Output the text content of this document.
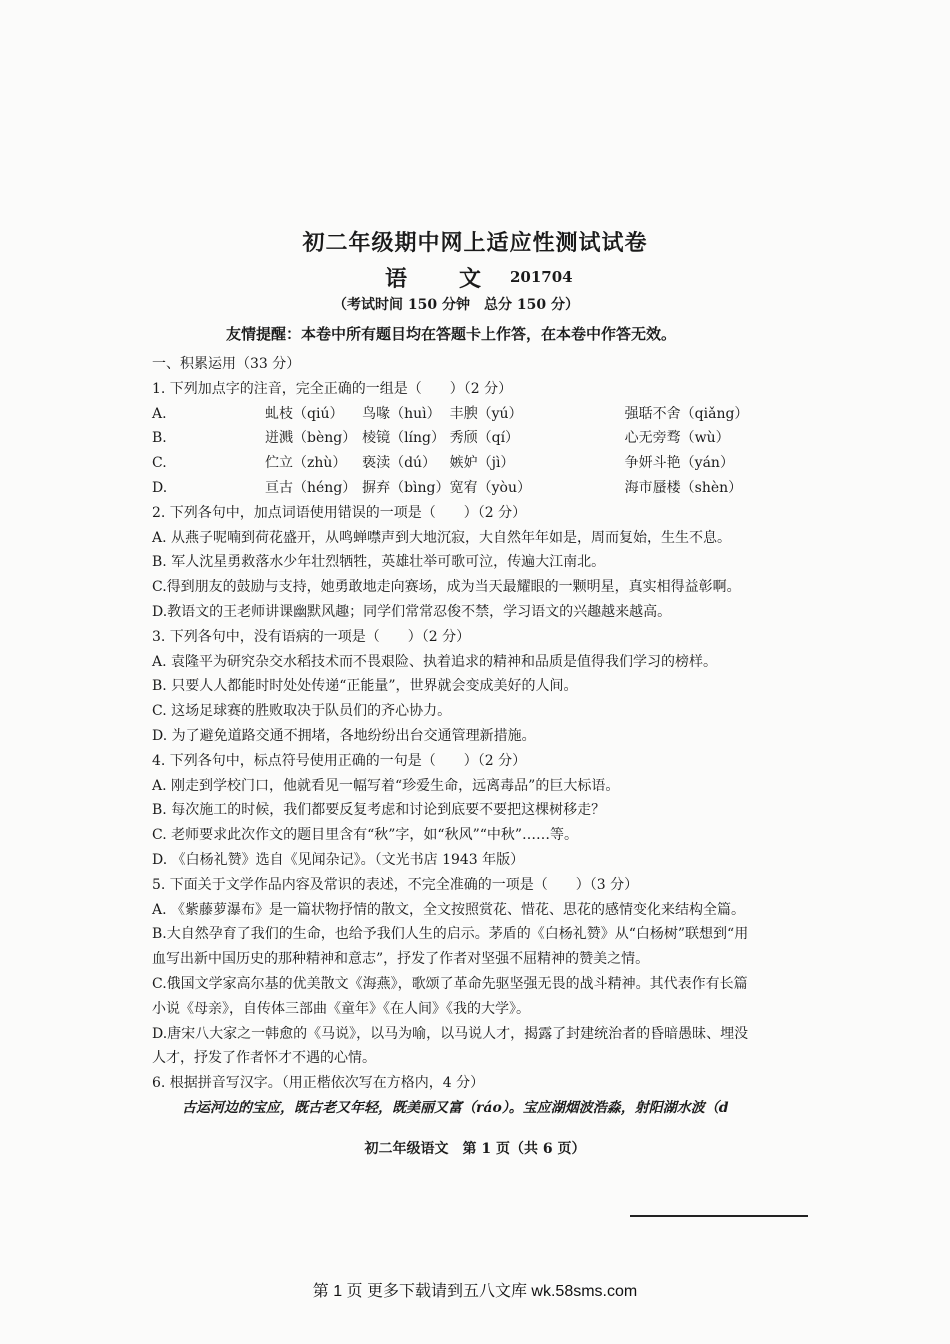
初二年级期中网上适应性测试试卷
语 文 201704
（考试时间 150 分钟　总分 150 分）
友情提醒：本卷中所有题目均在答题卡上作答，在本卷中作答无效。
一、积累运用（33 分）
1. 下列加点字的注音，完全正确的一组是（　　）（2 分）
A.	虬枝（qiú）	鸟喙（huì） 丰腴（yú）	强聒不舍（qiǎng）
B.	迸溅（bèng） 棱镜（líng） 秀颀（qí）	心无旁骛（wù）
C.	伫立（zhù）	亵渎（dú） 嫉妒（jì）	争妍斗艳（yán）
D.	亘古（héng） 摒弃（bìng） 宽宥（yòu）	海市蜃楼（shèn）
2. 下列各句中，加点词语使用错误的一项是（　　）（2 分）
A. 从燕子呢喃到荷花盛开，从鸣蝉噤声到大地沉寂，大自然年年如是，周而复始，生生不息。
B. 军人沈星勇救落水少年壮烈牺牲，英雄壮举可歌可泣，传遍大江南北。
C.得到朋友的鼓励与支持，她勇敢地走向赛场，成为当天最耀眼的一颗明星，真实相得益彰啊。
D.教语文的王老师讲课幽默风趣；同学们常常忍俊不禁，学习语文的兴趣越来越高。
3. 下列各句中，没有语病的一项是（　　）（2 分）
A. 袁隆平为研究杂交水稻技术而不畏艰险、执着追求的精神和品质是值得我们学习的榜样。
B. 只要人人都能时时处处传递“正能量”，世界就会变成美好的人间。
C. 这场足球赛的胜败取决于队员们的齐心协力。
D. 为了避免道路交通不拥堵，各地纷纷出台交通管理新措施。
4. 下列各句中，标点符号使用正确的一句是（　　）（2 分）
A. 刚走到学校门口，他就看见一幅写着“珍爱生命，远离毒品”的巨大标语。
B. 每次施工的时候，我们都要反复考虑和讨论到底要不要把这棵树移走？
C. 老师要求此次作文的题目里含有“秋”字，如“秋风”“中秋”……等。
D. 《白杨礼赞》选自《见闻杂记》。（文光书店 1943 年版）
5. 下面关于文学作品内容及常识的表述，不完全准确的一项是（　　）（3 分）
A. 《紫藤萝瀑布》是一篇状物抒情的散文，全文按照赏花、惜花、思花的感情变化来结构全篇。
B.大自然孕育了我们的生命，也给予我们人生的启示。茅盾的《白杨礼赞》从“白杨树”联想到“用血写出新中国历史的那种精神和意志”，抒发了作者对坚强不屈精神的赞美之情。
C.俄国文学家高尔基的优美散文《海燕》，歌颂了革命先驱坚强无畏的战斗精神。其代表作有长篇小说《母亲》，自传体三部曲《童年》《在人间》《我的大学》。
D.唐宋八大家之一韩愈的《马说》，以马为喻，以马说人才，揭露了封建统治者的昏暗愚昧、埋没人才，抒发了作者怀才不遇的心情。
6. 根据拼音写汉字。（用正楷依次写在方格内，4 分）
古运河边的宝应，既古老又年轻，既美丽又富（ráo）。宝应湖烟波浩淼，射阳湖水波（d
初二年级语文　第 1 页（共 6 页）
第 1 页 更多下载请到五八文库 wk.58sms.com
